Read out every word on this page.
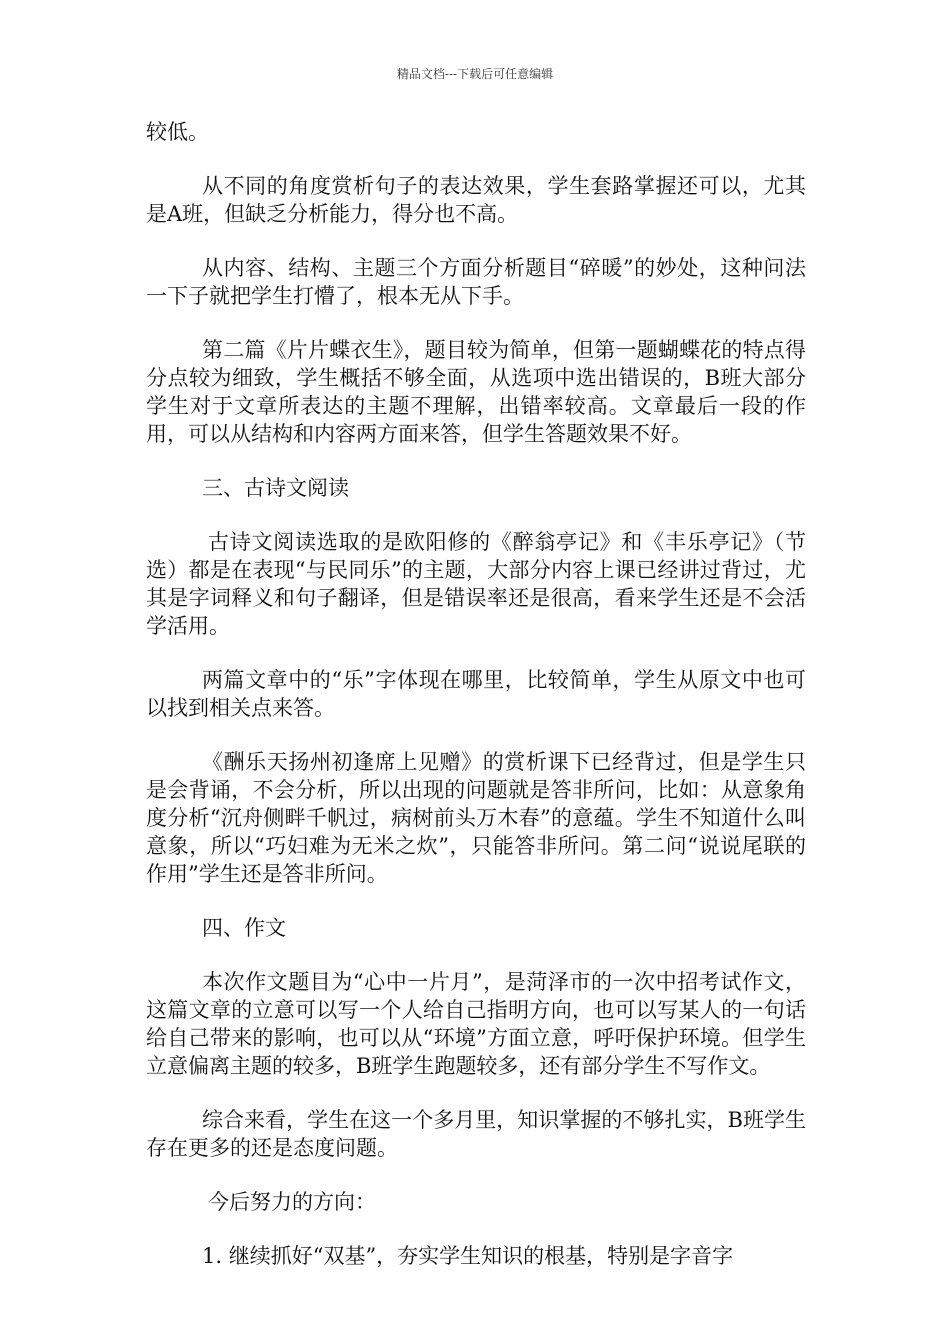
精品文档---下载后可任意编辑

较低。

从不同的角度赏析句子的表达效果，学生套路掌握还可以，尤其是A班，但缺乏分析能力，得分也不高。

从内容、结构、主题三个方面分析题目“碎暖”的妙处，这种问法一下子就把学生打懵了，根本无从下手。

第二篇《片片蝶衣生》，题目较为简单，但第一题蝴蝶花的特点得分点较为细致，学生概括不够全面，从选项中选出错误的，B班大部分学生对于文章所表达的主题不理解，出错率较高。文章最后一段的作用，可以从结构和内容两方面来答，但学生答题效果不好。

三、古诗文阅读

古诗文阅读选取的是欧阳修的《醉翁亭记》和《丰乐亭记》（节选）都是在表现“与民同乐”的主题，大部分内容上课已经讲过背过，尤其是字词释义和句子翻译，但是错误率还是很高，看来学生还是不会活学活用。

两篇文章中的“乐”字体现在哪里，比较简单，学生从原文中也可以找到相关点来答。

《酬乐天扬州初逢席上见赠》的赏析课下已经背过，但是学生只是会背诵，不会分析，所以出现的问题就是答非所问，比如：从意象角度分析“沉舟侧畔千帆过，病树前头万木春”的意蕴。学生不知道什么叫意象，所以“巧妇难为无米之炊”，只能答非所问。第二问“说说尾联的作用”学生还是答非所问。

四、作文

本次作文题目为“心中一片月”，是菏泽市的一次中招考试作文，这篇文章的立意可以写一个人给自己指明方向，也可以写某人的一句话给自己带来的影响，也可以从“环境”方面立意，呼吁保护环境。但学生立意偏离主题的较多，B班学生跑题较多，还有部分学生不写作文。

综合来看，学生在这一个多月里，知识掌握的不够扎实，B班学生存在更多的还是态度问题。

今后努力的方向：

1. 继续抓好“双基”，夯实学生知识的根基，特别是字音字
